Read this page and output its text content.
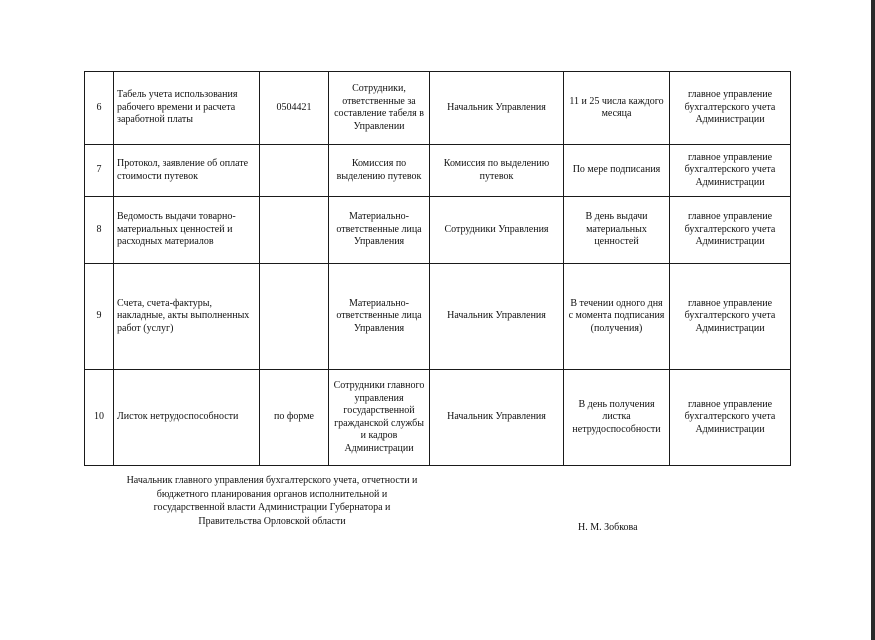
6	Табель учета использования рабочего времени и расчета заработной платы	0504421	Сотрудники, ответственные за составление табеля в Управлении	Начальник Управления	11 и 25 числа каждого месяца	главное управление бухгалтерского учета Администрации
7	Протокол, заявление об оплате стоимости путевок		Комиссия по выделению путевок	Комиссия по выделению путевок	По мере подписания	главное управление бухгалтерского учета Администрации
8	Ведомость выдачи товарно-материальных ценностей и расходных материалов		Материально-ответственные лица Управления	Сотрудники Управления	В день выдачи материальных ценностей	главное управление бухгалтерского учета Администрации
9	Счета, счета-фактуры, накладные, акты выполненных работ (услуг)		Материально-ответственные лица Управления	Начальник Управления	В течении одного дня с момента подписания (получения)	главное управление бухгалтерского учета Администрации
10	Листок нетрудоспособности	по форме	Сотрудники главного управления государственной гражданской службы и кадров Администрации	Начальник Управления	В день получения листка нетрудоспособности	главное управление бухгалтерского учета Администрации
Начальник главного управления бухгалтерского учета, отчетности и
бюджетного планирования органов исполнительной и
государственной власти Администрации Губернатора и
Правительства Орловской области
Н. М. Зобкова
